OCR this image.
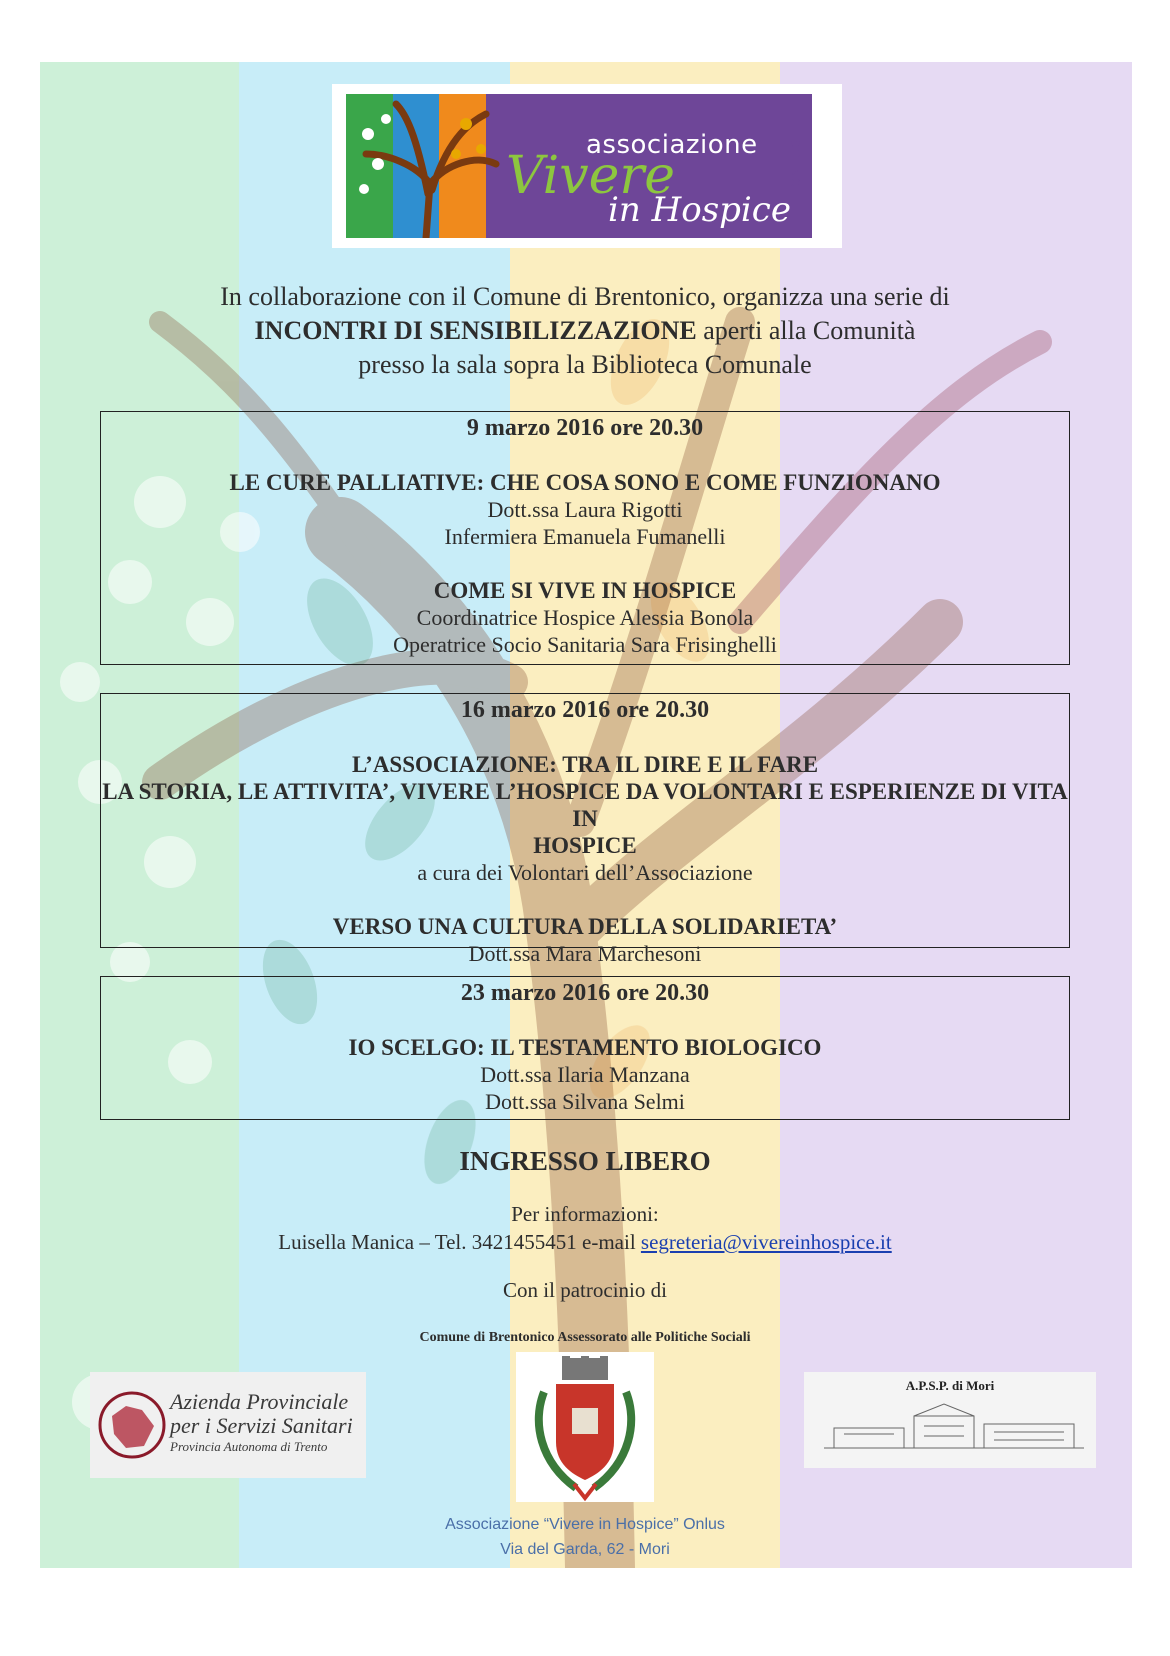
associazione
Vivere
in Hospice
ONLUS
In collaborazione con il Comune di Brentonico, organizza una serie di
INCONTRI DI SENSIBILIZZAZIONE aperti alla Comunità
presso la sala sopra la Biblioteca Comunale
9 marzo 2016 ore 20.30
LE CURE PALLIATIVE: CHE COSA SONO E COME FUNZIONANO
Dott.ssa Laura Rigotti
Infermiera Emanuela Fumanelli
COME SI VIVE IN HOSPICE
Coordinatrice Hospice Alessia Bonola
Operatrice Socio Sanitaria Sara Frisinghelli
16 marzo 2016 ore 20.30
L’ASSOCIAZIONE: TRA IL DIRE E IL FARE
LA STORIA, LE ATTIVITA’, VIVERE L’HOSPICE DA VOLONTARI E ESPERIENZE DI VITA IN
HOSPICE
a cura dei Volontari dell’Associazione
VERSO UNA CULTURA DELLA SOLIDARIETA’
Dott.ssa Mara Marchesoni
23 marzo 2016 ore 20.30
IO SCELGO: IL TESTAMENTO BIOLOGICO
Dott.ssa Ilaria Manzana
Dott.ssa Silvana Selmi
INGRESSO LIBERO
Per informazioni:
Luisella Manica – Tel. 3421455451 e-mail segreteria@vivereinhospice.it
Con il patrocinio di
Comune di Brentonico Assessorato alle Politiche Sociali
Azienda Provinciale
per i Servizi Sanitari
Provincia Autonoma di Trento
A.P.S.P. di Mori
Associazione “Vivere in Hospice” Onlus
Via del Garda, 62 - Mori
